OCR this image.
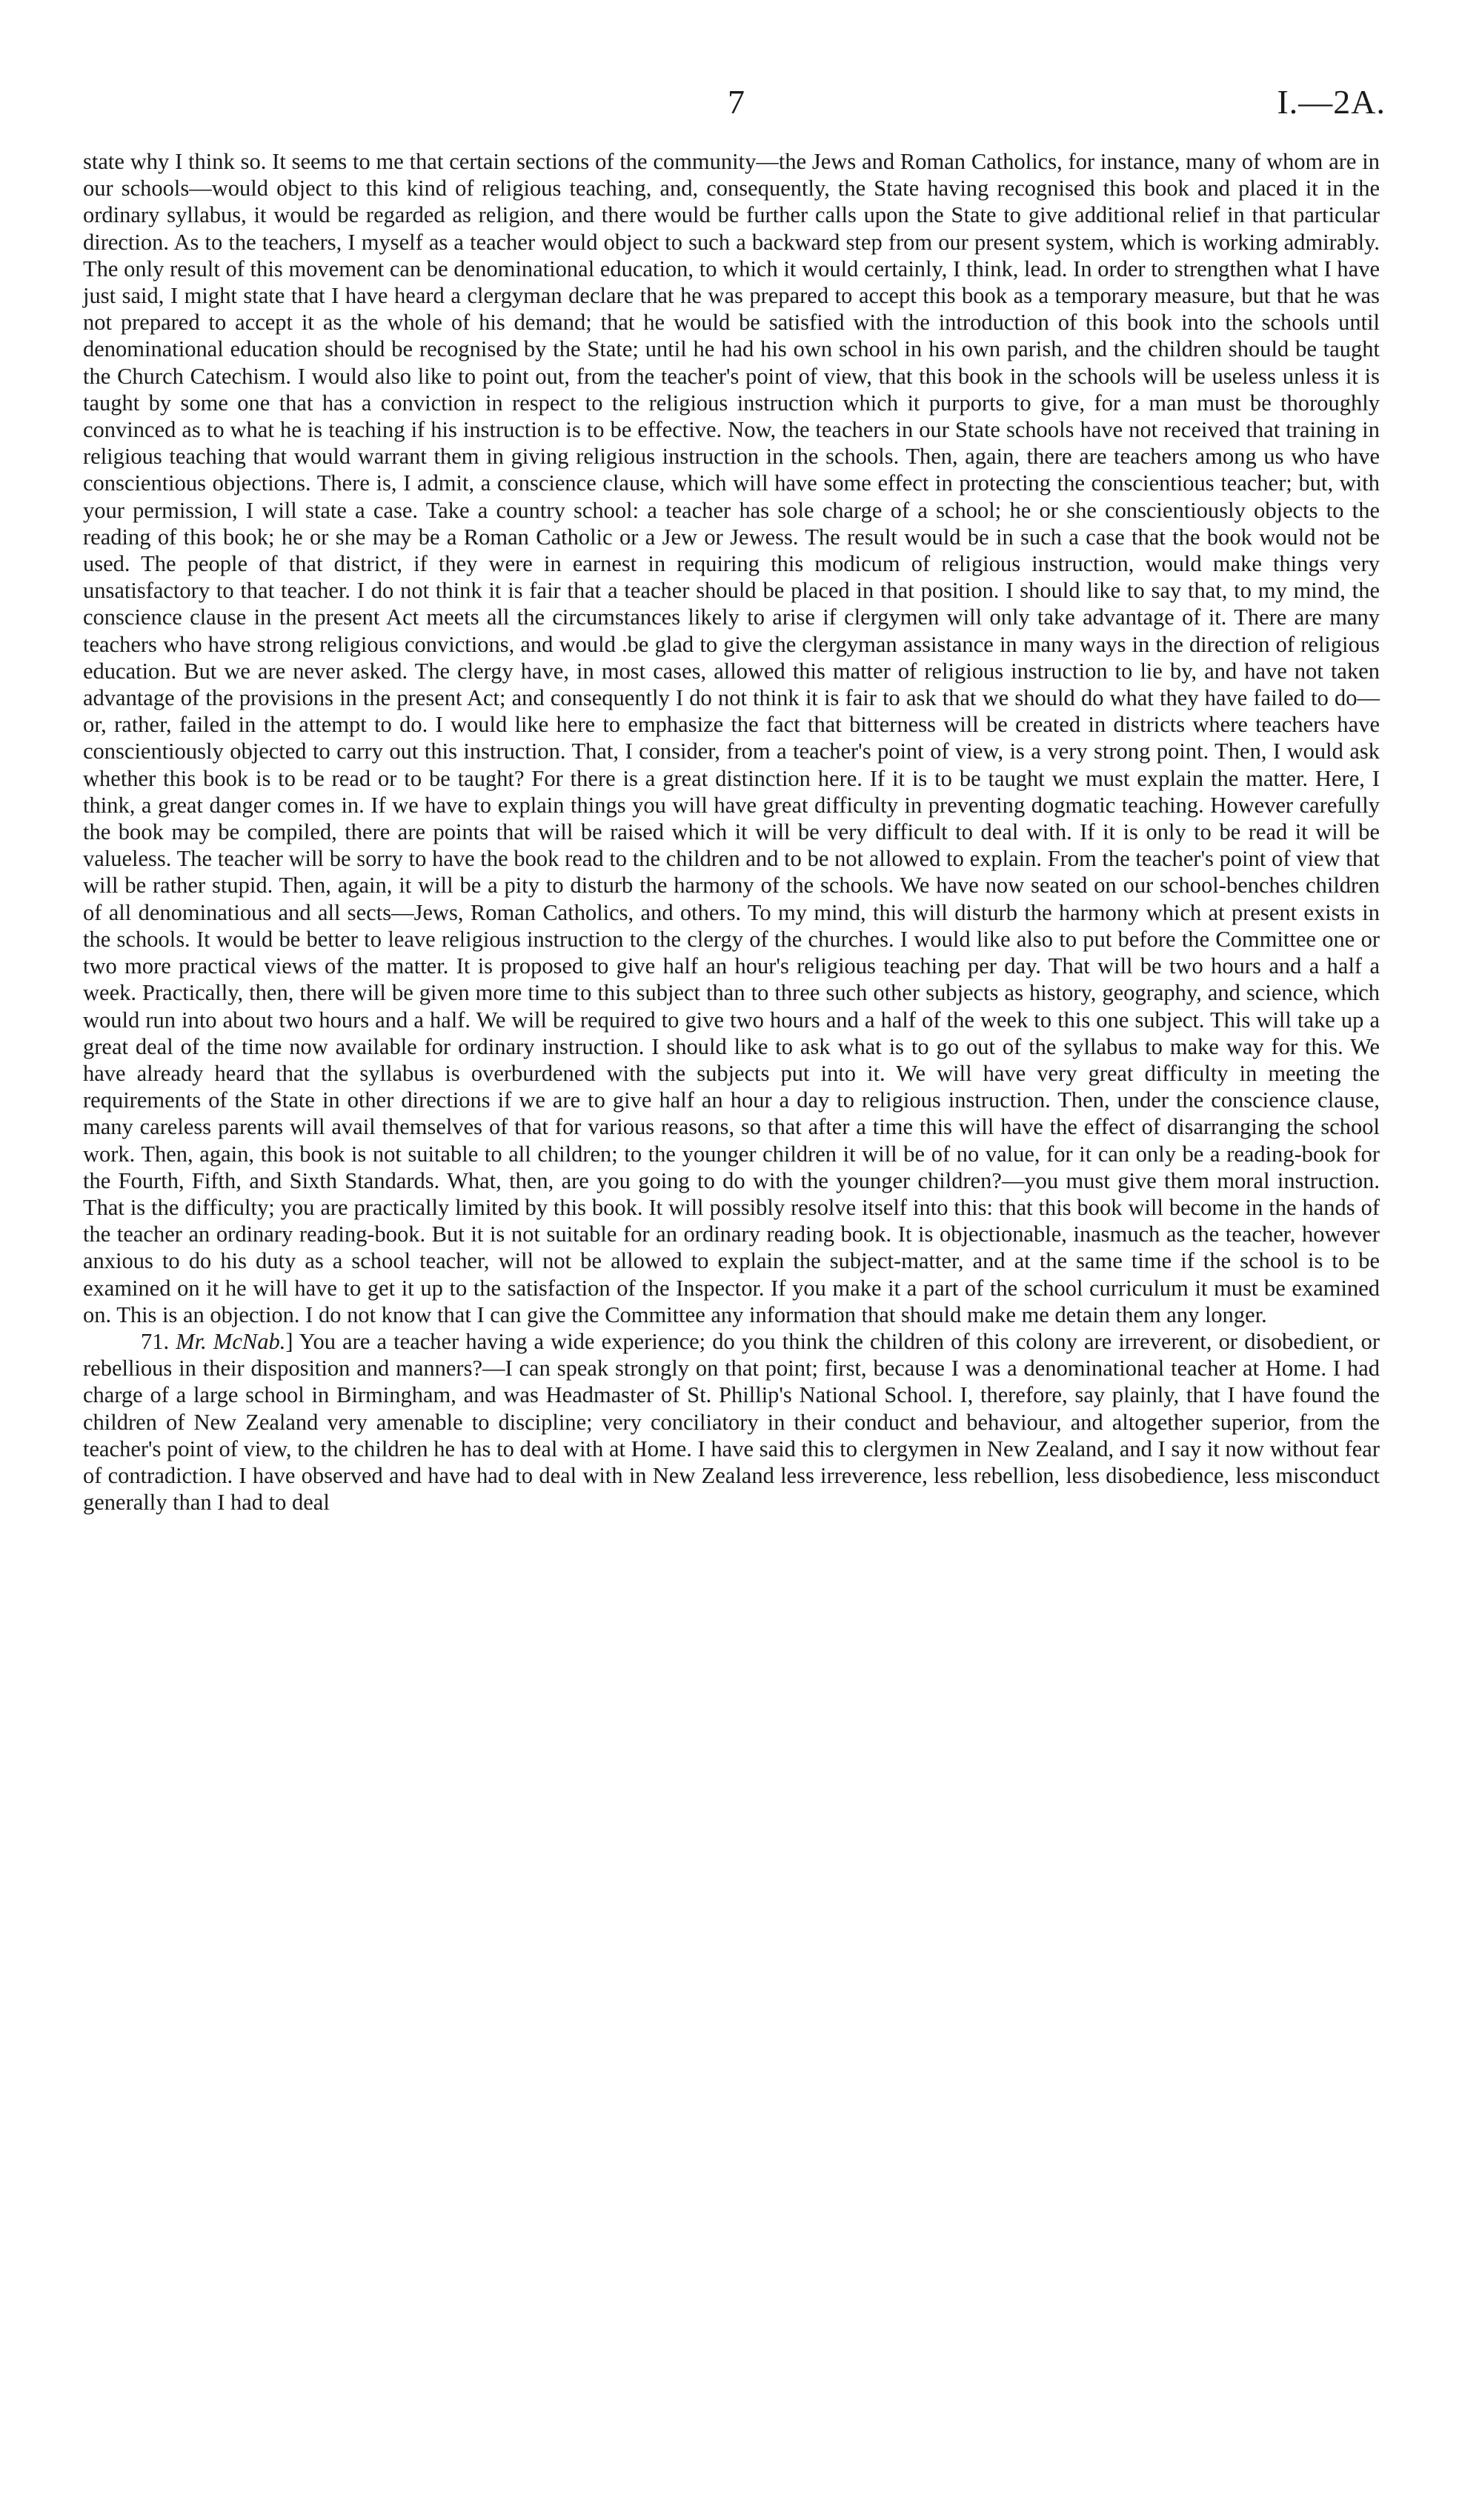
7	I.—2A.

state why I think so. It seems to me that certain sections of the community—the Jews and Roman Catholics, for instance, many of whom are in our schools—would object to this kind of religious teaching, and, consequently, the State having recognised this book and placed it in the ordinary syllabus, it would be regarded as religion, and there would be further calls upon the State to give additional relief in that particular direction. As to the teachers, I myself as a teacher would object to such a backward step from our present system, which is working admirably. The only result of this movement can be denominational education, to which it would certainly, I think, lead. In order to strengthen what I have just said, I might state that I have heard a clergyman declare that he was prepared to accept this book as a temporary measure, but that he was not prepared to accept it as the whole of his demand; that he would be satisfied with the introduction of this book into the schools until denominational education should be recognised by the State; until he had his own school in his own parish, and the children should be taught the Church Catechism. I would also like to point out, from the teacher's point of view, that this book in the schools will be useless unless it is taught by some one that has a conviction in respect to the religious instruction which it purports to give, for a man must be thoroughly convinced as to what he is teaching if his instruction is to be effective. Now, the teachers in our State schools have not received that training in religious teaching that would warrant them in giving religious instruction in the schools. Then, again, there are teachers among us who have conscientious objections. There is, I admit, a conscience clause, which will have some effect in protecting the conscientious teacher; but, with your permission, I will state a case. Take a country school: a teacher has sole charge of a school; he or she conscientiously objects to the reading of this book; he or she may be a Roman Catholic or a Jew or Jewess. The result would be in such a case that the book would not be used. The people of that district, if they were in earnest in requiring this modicum of religious instruction, would make things very unsatisfactory to that teacher. I do not think it is fair that a teacher should be placed in that position. I should like to say that, to my mind, the conscience clause in the present Act meets all the circumstances likely to arise if clergymen will only take advantage of it. There are many teachers who have strong religious convictions, and would .be glad to give the clergyman assistance in many ways in the direction of religious education. But we are never asked. The clergy have, in most cases, allowed this matter of religious instruction to lie by, and have not taken advantage of the provisions in the present Act; and consequently I do not think it is fair to ask that we should do what they have failed to do—or, rather, failed in the attempt to do. I would like here to emphasize the fact that bitterness will be created in districts where teachers have conscientiously objected to carry out this instruction. That, I consider, from a teacher's point of view, is a very strong point. Then, I would ask whether this book is to be read or to be taught? For there is a great distinction here. If it is to be taught we must explain the matter. Here, I think, a great danger comes in. If we have to explain things you will have great difficulty in preventing dogmatic teaching. However carefully the book may be compiled, there are points that will be raised which it will be very difficult to deal with. If it is only to be read it will be valueless. The teacher will be sorry to have the book read to the children and to be not allowed to explain. From the teacher's point of view that will be rather stupid. Then, again, it will be a pity to disturb the harmony of the schools. We have now seated on our school-benches children of all denominatious and all sects—Jews, Roman Catholics, and others. To my mind, this will disturb the harmony which at present exists in the schools. It would be better to leave religious instruction to the clergy of the churches. I would like also to put before the Committee one or two more practical views of the matter. It is proposed to give half an hour's religious teaching per day. That will be two hours and a half a week. Practically, then, there will be given more time to this subject than to three such other subjects as history, geography, and science, which would run into about two hours and a half. We will be required to give two hours and a half of the week to this one subject. This will take up a great deal of the time now available for ordinary instruction. I should like to ask what is to go out of the syllabus to make way for this. We have already heard that the syllabus is overburdened with the subjects put into it. We will have very great difficulty in meeting the requirements of the State in other directions if we are to give half an hour a day to religious instruction. Then, under the conscience clause, many careless parents will avail themselves of that for various reasons, so that after a time this will have the effect of disarranging the school work. Then, again, this book is not suitable to all children; to the younger children it will be of no value, for it can only be a reading-book for the Fourth, Fifth, and Sixth Standards. What, then, are you going to do with the younger children?—you must give them moral instruction. That is the difficulty; you are practically limited by this book. It will possibly resolve itself into this: that this book will become in the hands of the teacher an ordinary reading-book. But it is not suitable for an ordinary reading book. It is objectionable, inasmuch as the teacher, however anxious to do his duty as a school teacher, will not be allowed to explain the subject-matter, and at the same time if the school is to be examined on it he will have to get it up to the satisfaction of the Inspector. If you make it a part of the school curriculum it must be examined on. This is an objection. I do not know that I can give the Committee any information that should make me detain them any longer.

71. Mr. McNab.] You are a teacher having a wide experience; do you think the children of this colony are irreverent, or disobedient, or rebellious in their disposition and manners?—I can speak strongly on that point; first, because I was a denominational teacher at Home. I had charge of a large school in Birmingham, and was Headmaster of St. Phillip's National School. I, therefore, say plainly, that I have found the children of New Zealand very amenable to discipline; very conciliatory in their conduct and behaviour, and altogether superior, from the teacher's point of view, to the children he has to deal with at Home. I have said this to clergymen in New Zealand, and I say it now without fear of contradiction. I have observed and have had to deal with in New Zealand less irreverence, less rebellion, less disobedience, less misconduct generally than I had to deal
